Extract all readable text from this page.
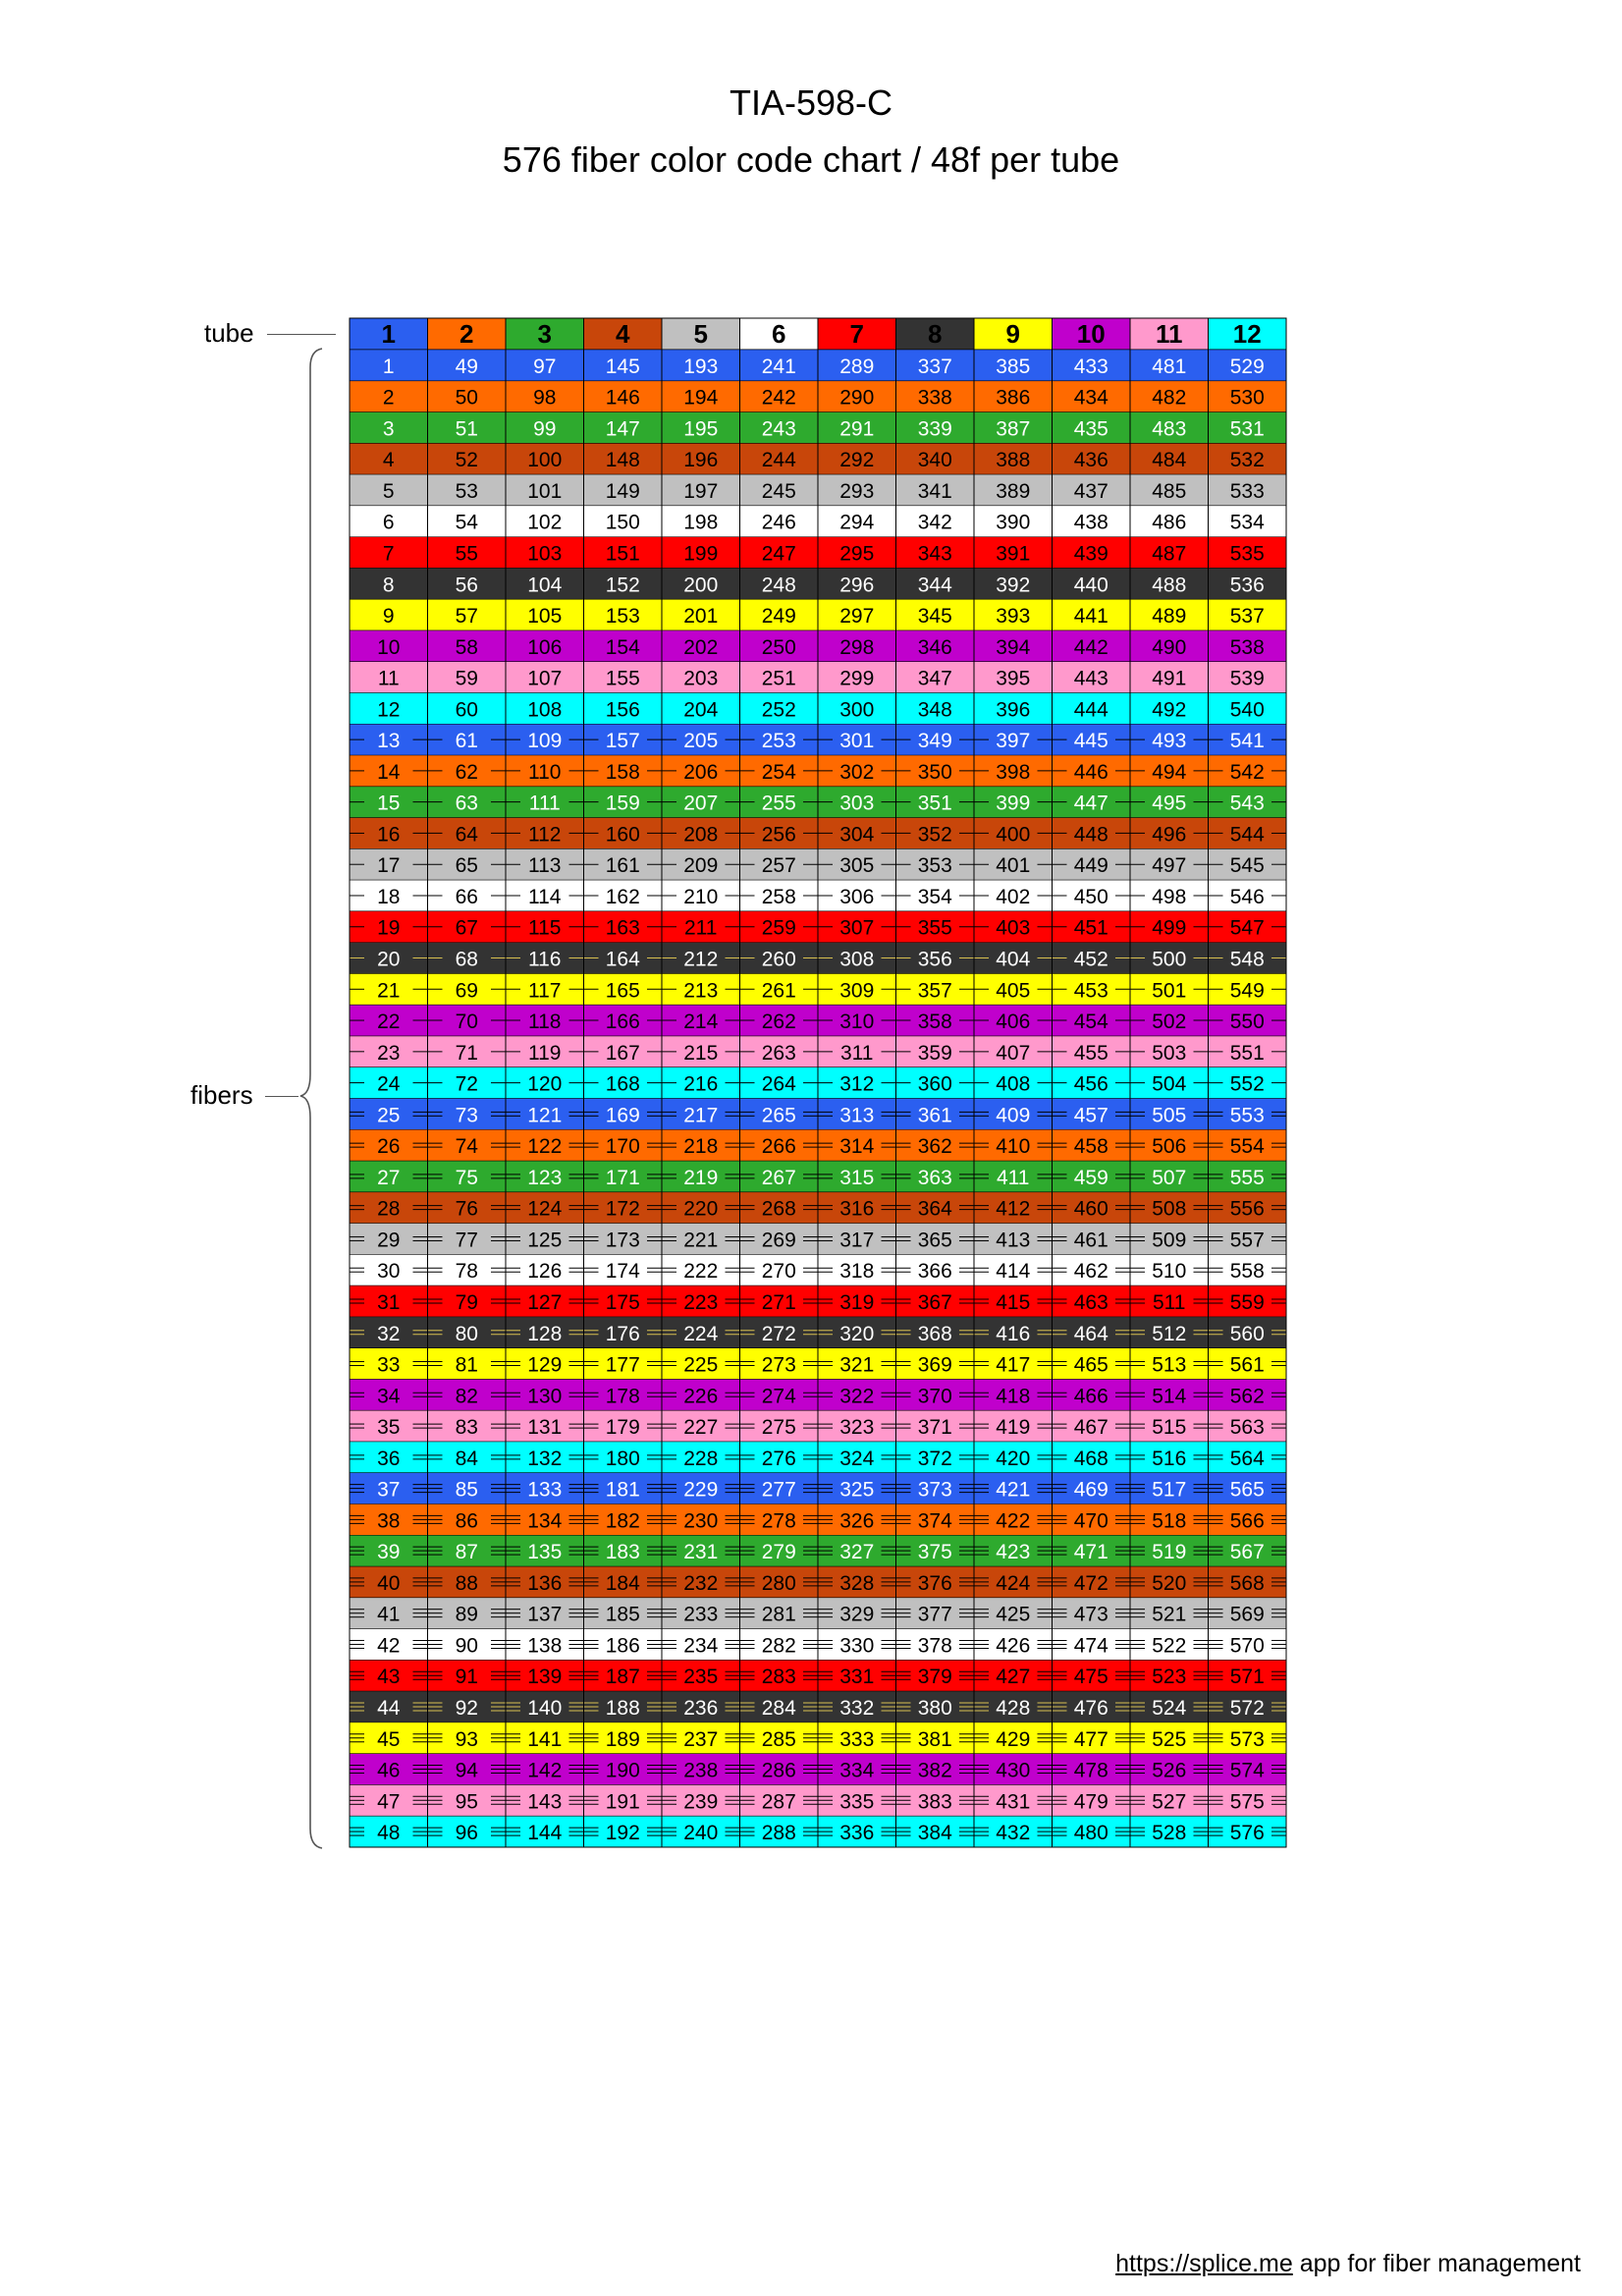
TIA-598-C
576 fiber color code chart / 48f per tube
tube
fibers
1	2	3	4	5	6	7	8	9 10 11 12
1	49	97 145 193 241 289 337 385 433 481 529
2	50	98 146 194 242 290 338 386 434 482 530
3	51	99 147 195 243 291 339 387 435 483 531
4	52 100 148 196 244 292 340 388 436 484 532
5	53 101 149 197 245 293 341 389 437 485 533
6	54 102 150 198 246 294 342 390 438 486 534
7	55 103 151 199 247 295 343 391 439 487 535
8	56 104 152 200 248 296 344 392 440 488 536
9	57 105 153 201 249 297 345 393 441 489 537
10	58 106 154 202 250 298 346 394 442 490 538
11	59 107 155 203 251 299 347 395 443 491 539
12	60 108 156 204 252 300 348 396 444 492 540
13	61 109 157 205 253 301 349 397 445 493 541
14	62 110 158 206 254 302 350 398 446 494 542
15	63 111 159 207 255 303 351 399 447 495 543
16	64 112 160 208 256 304 352 400 448 496 544
17	65 113 161 209 257 305 353 401 449 497 545
18	66 114 162 210 258 306 354 402 450 498 546
19	67 115 163 211 259 307 355 403 451 499 547
20	68 116 164 212 260 308 356 404 452 500 548
21	69 117 165 213 261 309 357 405 453 501 549
22	70 118 166 214 262 310 358 406 454 502 550
23	71 119 167 215 263 311 359 407 455 503 551
24	72 120 168 216 264 312 360 408 456 504 552
25	73 121 169 217 265 313 361 409 457 505 553
26	74 122 170 218 266 314 362 410 458 506 554
27	75 123 171 219 267 315 363 411 459 507 555
28	76 124 172 220 268 316 364 412 460 508 556
29	77 125 173 221 269 317 365 413 461 509 557
30	78 126 174 222 270 318 366 414 462 510 558
31	79 127 175 223 271 319 367 415 463 511 559
32	80 128 176 224 272 320 368 416 464 512 560
33	81 129 177 225 273 321 369 417 465 513 561
34	82 130 178 226 274 322 370 418 466 514 562
35	83 131 179 227 275 323 371 419 467 515 563
36	84 132 180 228 276 324 372 420 468 516 564
37	85 133 181 229 277 325 373 421 469 517 565
38	86 134 182 230 278 326 374 422 470 518 566
39	87 135 183 231 279 327 375 423 471 519 567
40	88 136 184 232 280 328 376 424 472 520 568
41	89 137 185 233 281 329 377 425 473 521 569
42	90 138 186 234 282 330 378 426 474 522 570
43	91 139 187 235 283 331 379 427 475 523 571
44	92 140 188 236 284 332 380 428 476 524 572
45	93 141 189 237 285 333 381 429 477 525 573
46	94 142 190 238 286 334 382 430 478 526 574
47	95 143 191 239 287 335 383 431 479 527 575
48	96 144 192 240 288 336 384 432 480 528 576
https://splice.me app for fiber management
